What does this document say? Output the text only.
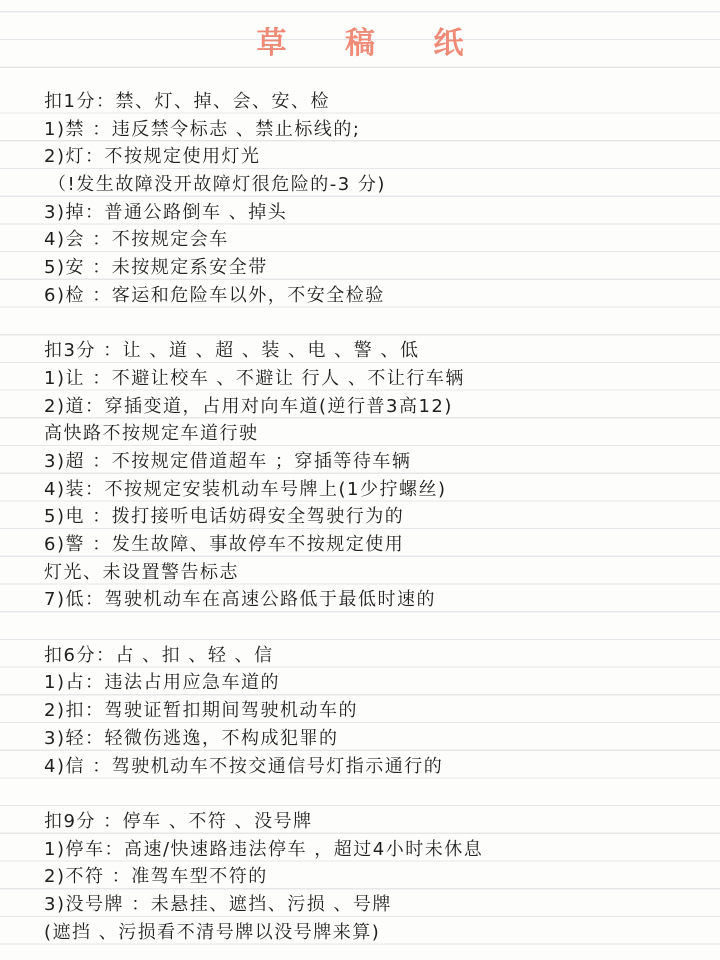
草 稿 纸
扣1分：禁、灯、掉、会、安、检
1)禁 ：违反禁令标志 、禁止标线的;
2)灯：不按规定使用灯光
（!发生故障没开故障灯很危险的-3 分)
3)掉：普通公路倒车 、掉头
4)会 ：不按规定会车
5)安 ：未按规定系安全带
6)检 ：客运和危险车以外，不安全检验
扣3分 ：让 、道 、超 、装 、电 、警 、低
1)让 ：不避让校车 、不避让 行人 、不让行车辆
2)道：穿插变道，占用对向车道(逆行普3高12)
高快路不按规定车道行驶
3)超 ：不按规定借道超车 ；穿插等待车辆
4)装：不按规定安装机动车号牌上(1少拧螺丝)
5)电 ：拨打接听电话妨碍安全驾驶行为的
6)警 ：发生故障、事故停车不按规定使用
灯光、未设置警告标志
7)低：驾驶机动车在高速公路低于最低时速的
扣6分：占 、扣 、轻 、信
1)占：违法占用应急车道的
2)扣：驾驶证暂扣期间驾驶机动车的
3)轻：轻微伤逃逸，不构成犯罪的
4)信 ：驾驶机动车不按交通信号灯指示通行的
扣9分 ：停车 、不符 、没号牌
1)停车：高速/快速路违法停车 ，超过4小时未休息
2)不符 ：准驾车型不符的
3)没号牌 ：未悬挂、遮挡、污损 、号牌
(遮挡 、污损看不清号牌以没号牌来算)
